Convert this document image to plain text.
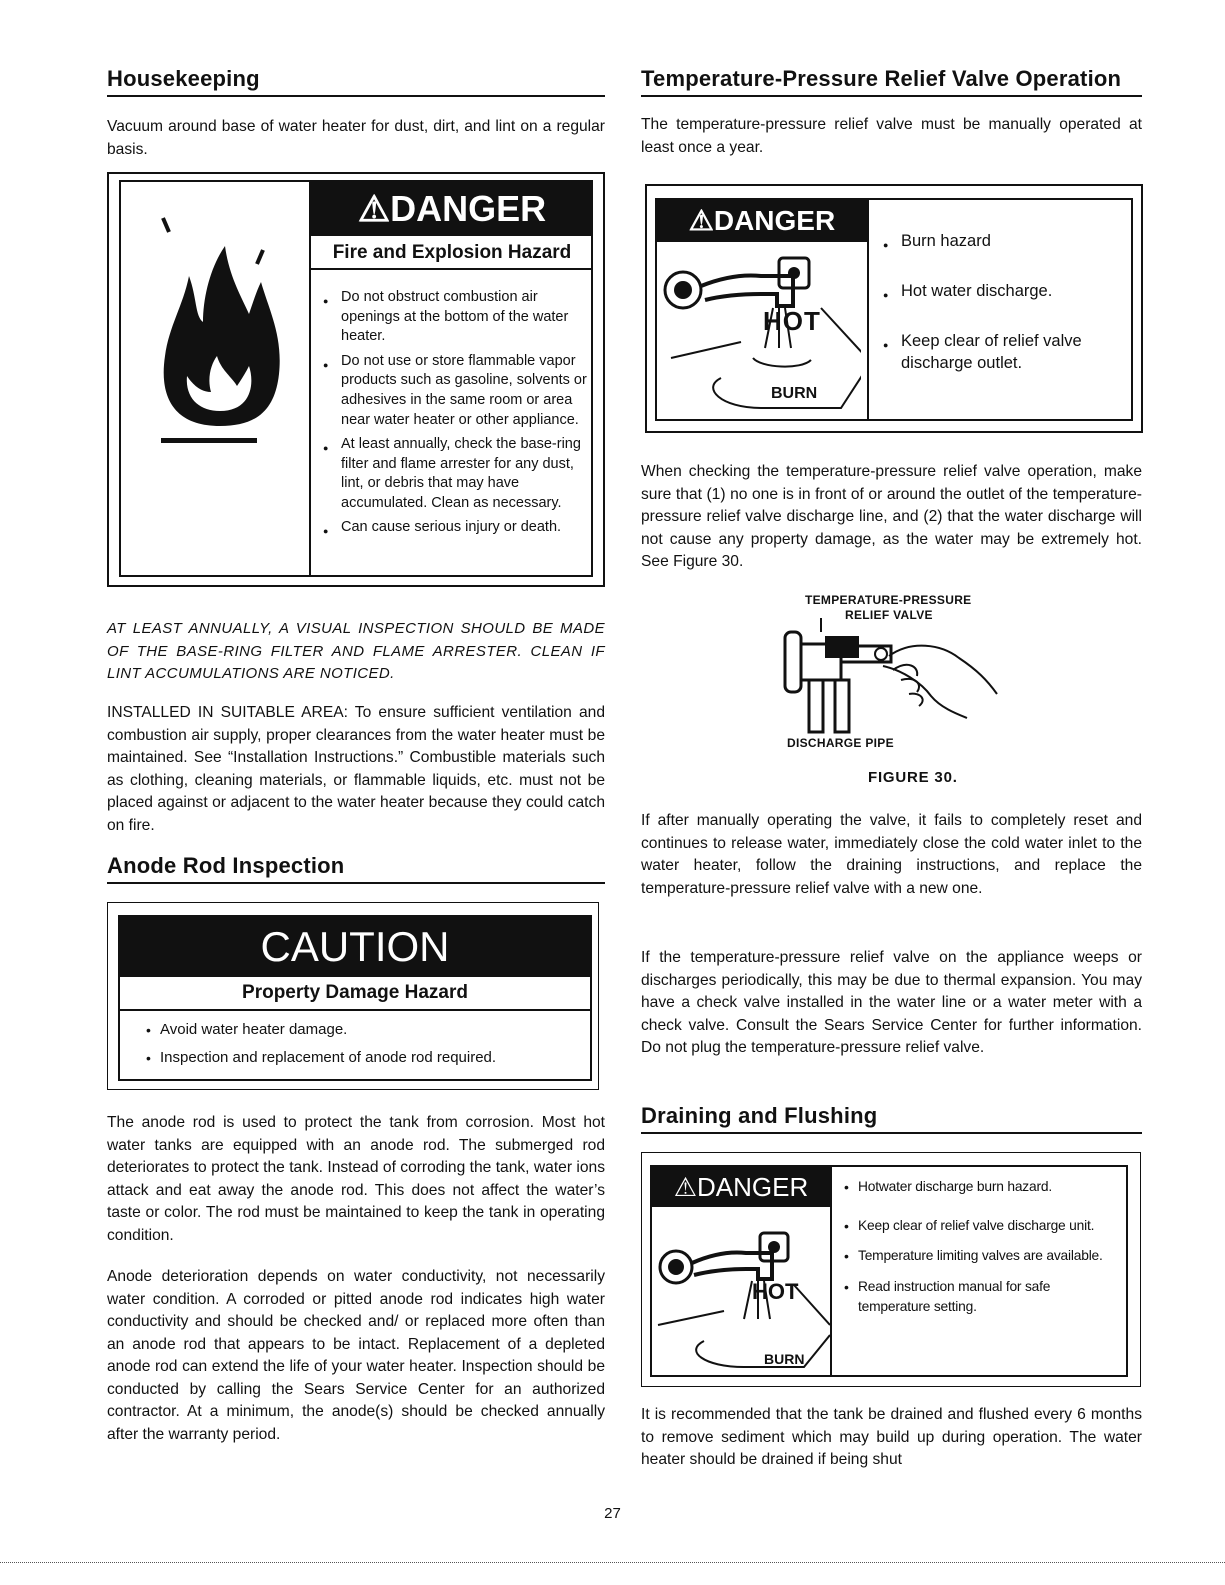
Housekeeping

Vacuum around base of water heater for dust, dirt, and lint on a regular basis.

⚠DANGER
Fire and Explosion Hazard
● Do not obstruct combustion air openings at the bottom of the water heater.
● Do not use or store flammable vapor products such as gasoline, solvents or adhesives in the same room or area near water heater or other appliance.
● At least annually, check the base-ring filter and flame arrester for any dust, lint, or debris that may have accumulated. Clean as necessary.
● Can cause serious injury or death.

AT LEAST ANNUALLY, A VISUAL INSPECTION SHOULD BE MADE OF THE BASE-RING FILTER AND FLAME ARRESTER. CLEAN IF LINT ACCUMULATIONS ARE NOTICED.

INSTALLED IN SUITABLE AREA: To ensure sufficient ventilation and combustion air supply, proper clearances from the water heater must be maintained. See “Installation Instructions.” Combustible materials such as clothing, cleaning materials, or flammable liquids, etc. must not be placed against or adjacent to the water heater because they could catch on fire.

Anode Rod Inspection
CAUTION
Property Damage Hazard
• Avoid water heater damage.
• Inspection and replacement of anode rod required.

The anode rod is used to protect the tank from corrosion. Most hot water tanks are equipped with an anode rod. The submerged rod deteriorates to protect the tank. Instead of corroding the tank, water ions attack and eat away the anode rod. This does not affect the water’s taste or color. The rod must be maintained to keep the tank in operating condition.

Anode deterioration depends on water conductivity, not necessarily water condition. A corroded or pitted anode rod indicates high water conductivity and should be checked and/ or replaced more often than an anode rod that appears to be intact. Replacement of a depleted anode rod can extend the life of your water heater. Inspection should be conducted by calling the Sears Service Center for an authorized contractor. At a minimum, the anode(s) should be checked annually after the warranty period.

Temperature-Pressure Relief Valve Operation

The temperature-pressure relief valve must be manually operated at least once a year.

⚠DANGER
HOT
BURN
● Burn hazard
● Hot water discharge.
● Keep clear of relief valve discharge outlet.

When checking the temperature-pressure relief valve operation, make sure that (1) no one is in front of or around the outlet of the temperature-pressure relief valve discharge line, and (2) that the water discharge will not cause any property damage, as the water may be extremely hot. See Figure 30.

TEMPERATURE-PRESSURE
RELIEF VALVE
DISCHARGE PIPE
FIGURE 30.

If after manually operating the valve, it fails to completely reset and continues to release water, immediately close the cold water inlet to the water heater, follow the draining instructions, and replace the temperature-pressure relief valve with a new one.

If the temperature-pressure relief valve on the appliance weeps or discharges periodically, this may be due to thermal expansion. You may have a check valve installed in the water line or a water meter with a check valve. Consult the Sears Service Center for further information. Do not plug the temperature-pressure relief valve.

Draining and Flushing
⚠DANGER
HOT
BURN
• Hotwater discharge burn hazard.
• Keep clear of relief valve discharge unit.
• Temperature limiting valves are available.
• Read instruction manual for safe temperature setting.

It is recommended that the tank be drained and flushed every 6 months to remove sediment which may build up during operation. The water heater should be drained if being shut

27
